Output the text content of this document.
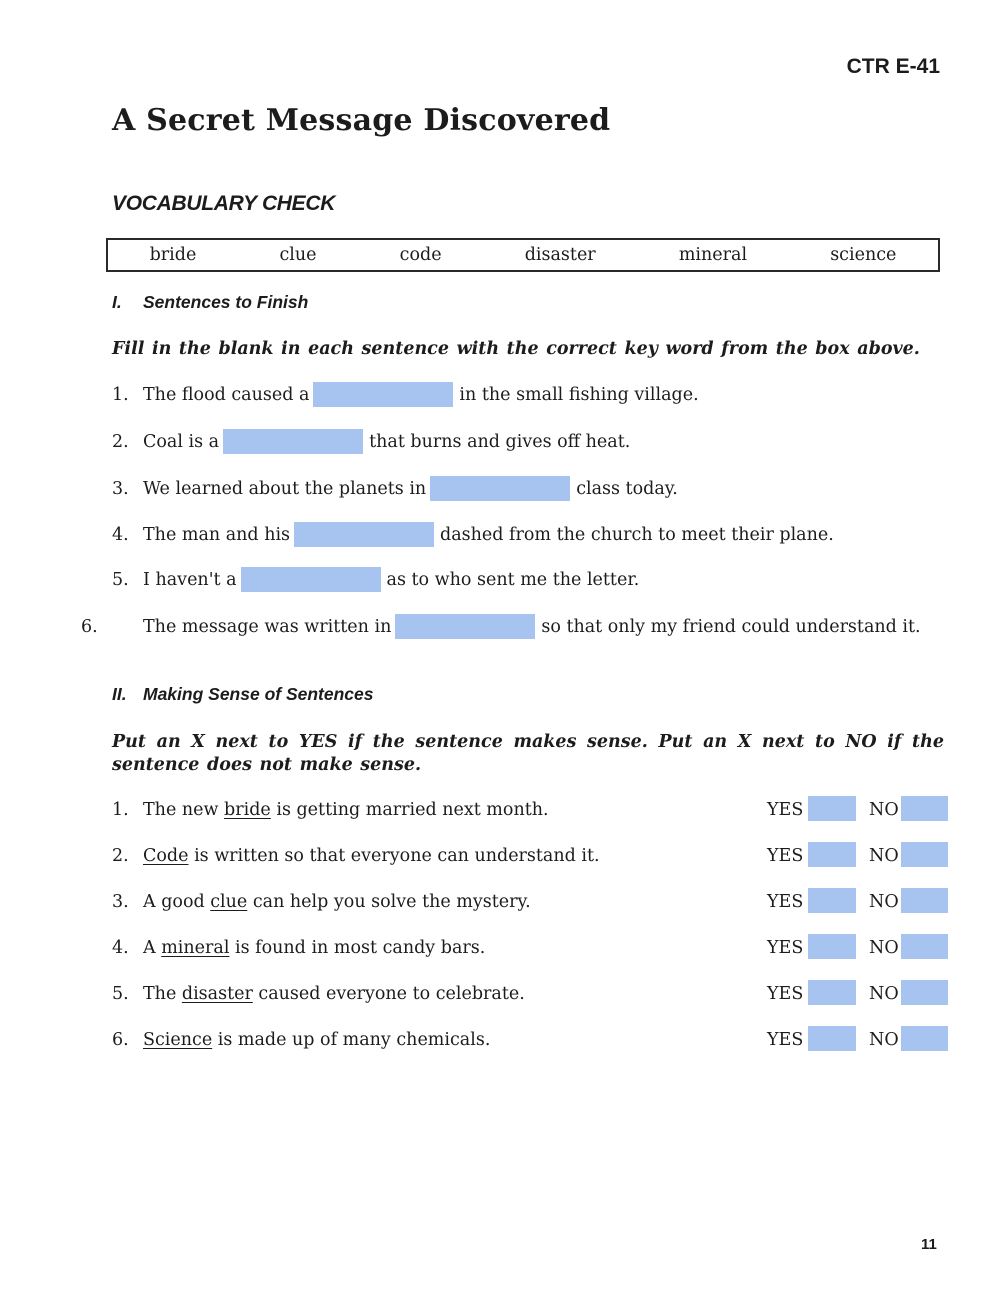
CTR E-41
A Secret Message Discovered
VOCABULARY CHECK
bride	clue	code	disaster	mineral	science
I. Sentences to Finish
Fill in the blank in each sentence with the correct key word from the box above.
1. The flood caused a	in the small fishing village.
2. Coal is a	that burns and gives off heat.
3. We learned about the planets in	class today.
4. The man and his	dashed from the church to meet their plane.
5. I haven't a	as to who sent me the letter.
6.	The message was written in	so that only my friend could understand it.
II. Making Sense of Sentences
Put an X next to YES if the sentence makes sense. Put an X next to NO if the sentence does not make sense.
1. The new bride is getting married next month.	YES	NO
2. Code is written so that everyone can understand it.	YES	NO
3. A good clue can help you solve the mystery.	YES	NO
4. A mineral is found in most candy bars.	YES	NO
5. The disaster caused everyone to celebrate.	YES	NO
6. Science is made up of many chemicals.	YES	NO
11
